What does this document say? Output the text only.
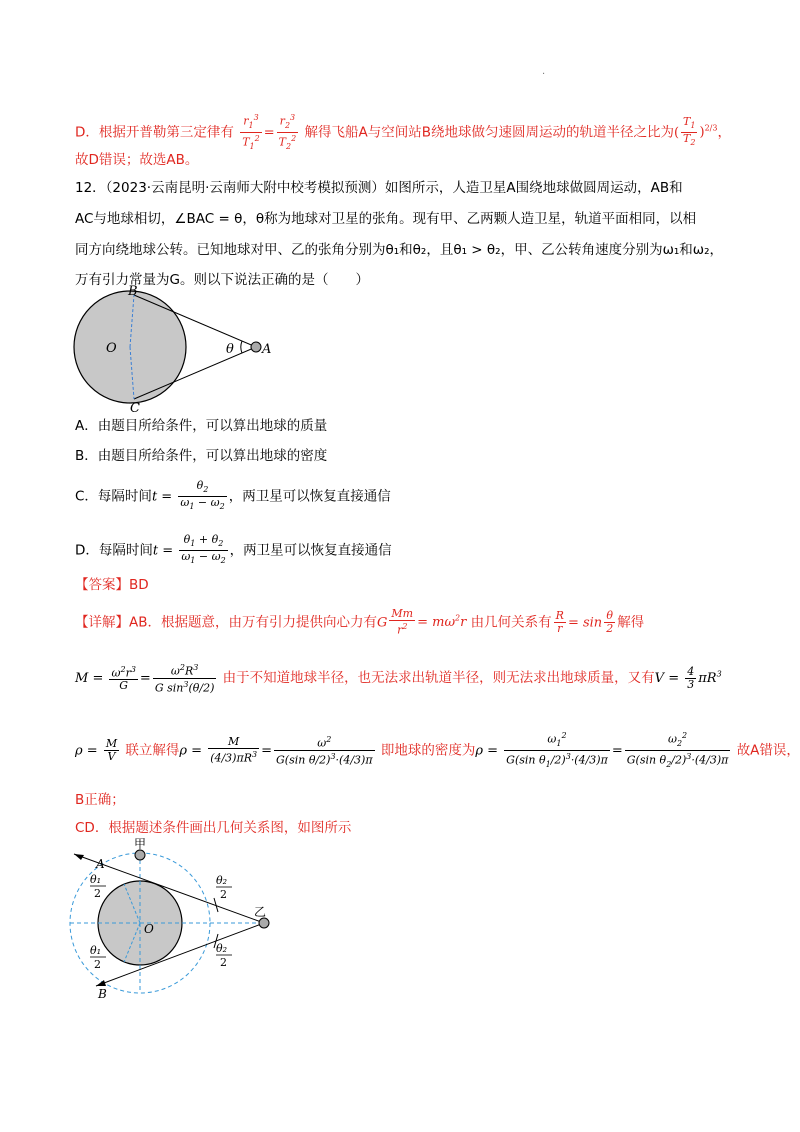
.
D．根据开普勒第三定律有 $\frac{r_1^3}{T_1^2} = \frac{r_2^3}{T_2^2}$ 解得飞船A与空间站B绕地球做匀速圆周运动的轨道半径之比为( $\frac{T_1}{T_2} )^{2/3}$，
故D错误；故选AB。
12．（2023·云南昆明·云南师大附中校考模拟预测）如图所示，人造卫星A围绕地球做圆周运动，AB和
AC与地球相切，∠BAC = θ，θ称为地球对卫星的张角。现有甲、乙两颗人造卫星，轨道平面相同，以相
同方向绕地球公转。已知地球对甲、乙的张角分别为θ₁和θ₂，且θ₁ > θ₂，甲、乙公转角速度分别为ω₁和ω₂，
万有引力常量为G。则以下说法正确的是（　　）
B
O	θ A
C
A．由题目所给条件，可以算出地球的质量
B．由题目所给条件，可以算出地球的密度
C．每隔时间$t = \frac{\theta_2}{\omega_1 - \omega_2}$ ，两卫星可以恢复直接通信
D．每隔时间$t = \frac{\theta_1 + \theta_2}{\omega_1 - \omega_2}$ ，两卫星可以恢复直接通信
【答案】BD
【详解】AB．根据题意，由万有引力提供向心力有G $\frac{Mm}{r^2} = m\omega^2r$ 由几何关系有 $\frac{R}{r} = \sin \frac{\theta}{2}$ 解得
$M = \frac{\omega^2r^3}{G} = \frac{\omega^2R^3}{G \sin^3(\theta/2)}$ 由于不知道地球半径，也无法求出轨道半径，则无法求出地球质量，又有$V = \frac{4}{3} \pi R^3$
$\rho = \frac{M}{V}$ 联立解得$\rho = \frac{M}{(4/3)\pi R^3} = \frac{\omega^2}{G(\sin \theta/2)^3\cdot(4/3)\pi}$ 即地球的密度为$\rho = \frac{\omega_1^2}{G(\sin \theta_1/2)^3\cdot(4/3)\pi} = \frac{\omega_2^2}{G(\sin \theta_2/2)^3\cdot(4/3)\pi}$ 故A错误，
B正确；
CD．根据题述条件画出几何关系图，如图所示
甲
A
θ₁
2
θ₂
2
乙
O
θ₁
2
θ₂
2
B
